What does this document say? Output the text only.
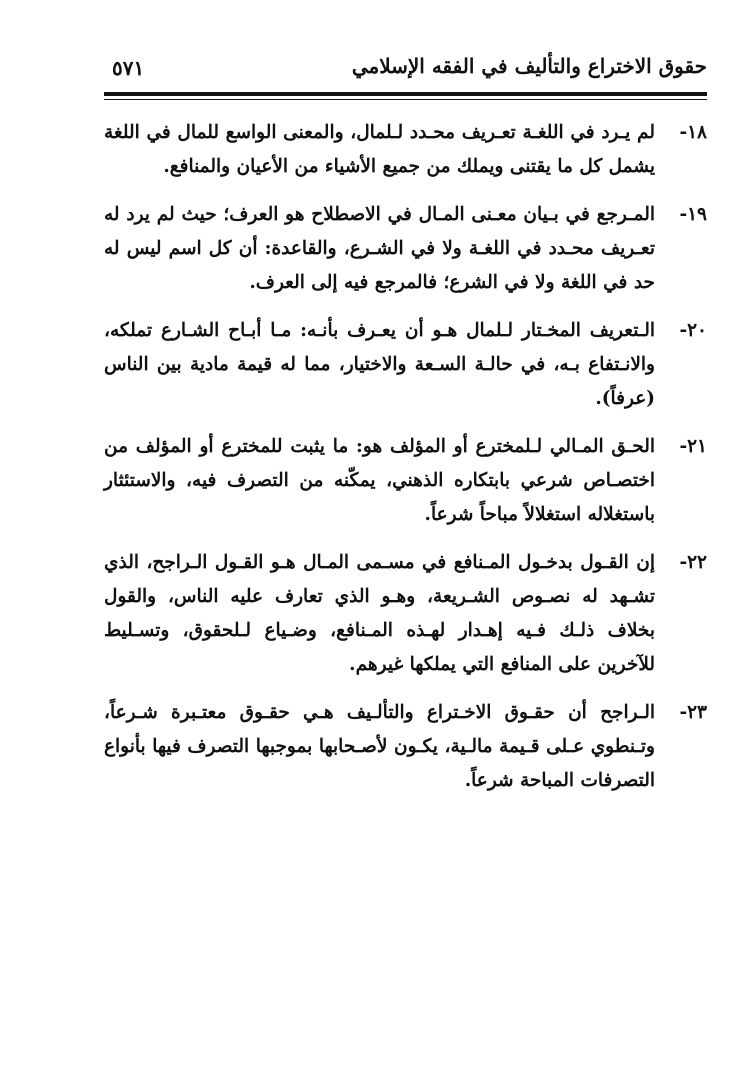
حقوق الاختراع والتأليف في الفقه الإسلامي
٥٧١
١٨-
لم يـرد في اللغـة تعـريف محـدد لـلمال، والمعنى الواسع للمال في اللغة يشمل كل ما يقتنى ويملك من جميع الأشياء من الأعيان والمنافع.
١٩-
المـرجع في بـيان معـنى المـال في الاصطلاح هو العرف؛ حيث لم يرد له تعـريف محـدد في اللغـة ولا في الشـرع، والقاعدة: أن كل اسم ليس له حد في اللغة ولا في الشرع؛ فالمرجع فيه إلى العرف.
٢٠-
الـتعريف المخـتار لـلمال هـو أن يعـرف بأنـه: مـا أبـاح الشـارع تملكه، والانـتفاع بـه، في حالـة السـعة والاختيار، مما له قيمة مادية بين الناس (عرفاً).
٢١-
الحـق المـالي لـلمخترع أو المؤلف هو: ما يثبت للمخترع أو المؤلف من اختصـاص شرعي بابتكاره الذهني، يمكّنه من التصرف فيه، والاستئثار باستغلاله استغلالاً مباحاً شرعاً.
٢٢-
إن القـول بدخـول المـنافع في مسـمى المـال هـو القـول الـراجح، الذي تشـهد له نصـوص الشـريعة، وهـو الذي تعارف عليه الناس، والقول بخلاف ذلـك فـيه إهـدار لهـذه المـنافع، وضـياع لـلحقوق، وتسـليط للآخرين على المنافع التي يملكها غيرهم.
٢٣-
الـراجح أن حقـوق الاخـتراع والتألـيف هـي حقـوق معتـبرة شـرعاً، وتـنطوي عـلى قـيمة مالـية، يكـون لأصـحابها بموجبها التصرف فيها بأنواع التصرفات المباحة شرعاً.
